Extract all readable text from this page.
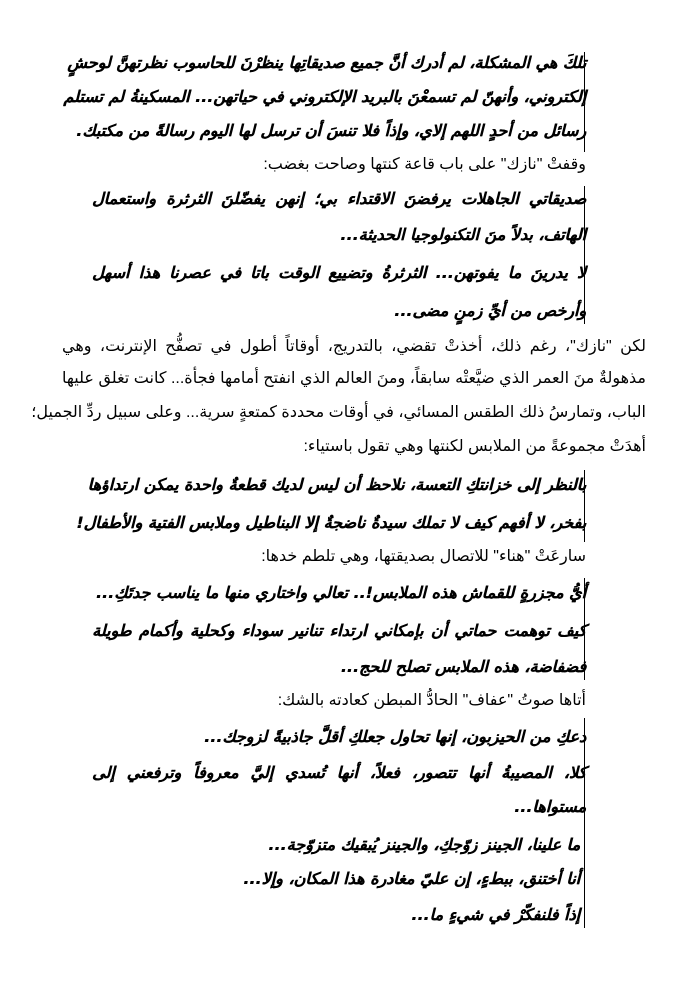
تلكَ هي المشكلة، لم أدرك أنَّ جميع صديقاتِها ينظرْنَ للحاسوب نظرتهنَّ لوحشٍ
إلكتروني، وأنهنّ لم تسمعْنَ بالبريد الإلكتروني في حياتهن... المسكينةُ لم تستلم
رسائل من أحدٍ اللهم إلاي، وإذاً فلا تنسَ أن ترسل لها اليوم رسالةً من مكتبك.
وقفتْ "نازك" على باب قاعة كنتها وصاحت بغضب:
صديقاتي الجاهلات يرفضنَ الاقتداء بي؛ إنهن يفضّلنَ الثرثرة واستعمال
الهاتف، بدلاً منَ التكنولوجيا الحديثة...
لا يدرينَ ما يفوتهن... الثرثرةُ وتضييع الوقت باتا في عصرنا هذا أسهل
وأرخص من أيِّ زمنٍ مضى...
لكن "نازك"، رغم ذلك، أخذتْ تقضي، بالتدريج، أوقاتاً أطول في تصفُّح الإنترنت، وهي
مذهولةٌ منَ العمر الذي ضيَّعتْه سابقاً، ومنَ العالم الذي انفتح أمامها فجأة... كانت تغلق عليها
الباب، وتمارسُ ذلك الطقس المسائي، في أوقات محددة كمتعةٍ سرية... وعلى سبيل ردِّ الجميل؛
أهدَتْ مجموعةً من الملابس لكنتها وهي تقول باستياء:
بالنظر إلى خزانتكِ التعسة، نلاحظ أن ليس لديك قطعةٌ واحدة يمكن ارتداؤها
بفخر، لا أفهم كيف لا تملك سيدةٌ ناضجةٌ إلا البناطيل وملابس الفتية والأطفال!
سارعَتْ "هناء" للاتصال بصديقتها، وهي تلطم خدها:
أيُّ مجزرةٍ للقماش هذه الملابس!.. تعالي واختاري منها ما يناسب جدتَكِ...
كيف توهمت حماتي أن بإمكاني ارتداء تنانير سوداء وكحلية وأكمام طويلة
فضفاضة، هذه الملابس تصلح للحج...
أتاها صوتُ "عفاف" الحادُّ المبطن كعادته بالشك:
دعكِ من الحيزبون، إنها تحاول جعلكِ أقلَّ جاذبيةً لزوجك...
كلا، المصيبةُ أنها تتصور، فعلاً، أنها تُسدي إليَّ معروفاً وترفعني إلى
مستواها...
ما علينا، الجينز زوّجكِ، والجينز يُبقيك متزوّجة...
أنا أختنق، ببطءٍ، إن عليّ مغادرة هذا المكان، وإلا...
إذاً فلنفكّرْ في شيءٍ ما...
